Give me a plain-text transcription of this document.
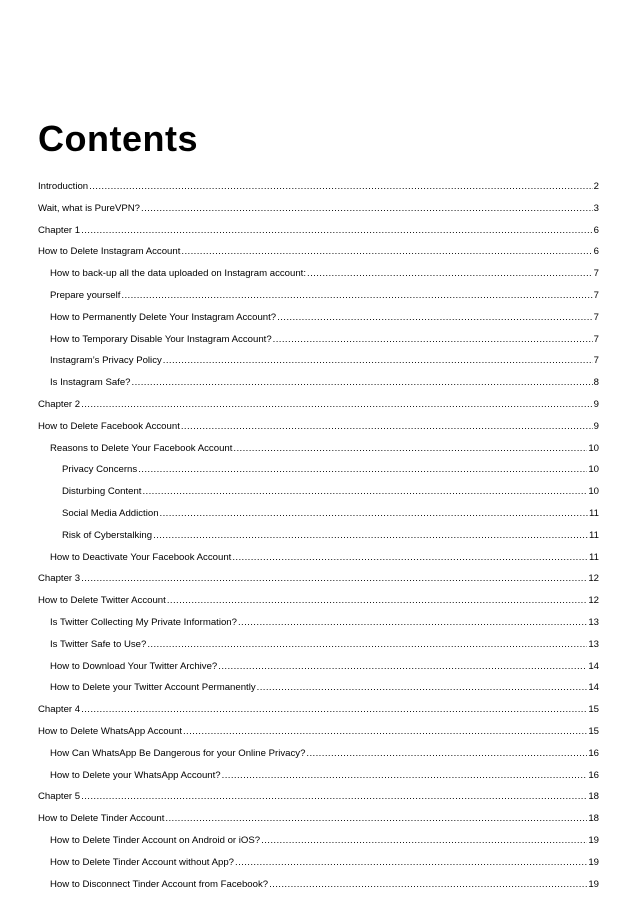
Contents
Introduction .....	2
Wait, what is PureVPN? .....	3
Chapter 1 .....	6
How to Delete Instagram Account .....	6
How to back-up all the data uploaded on Instagram account: .....	7
Prepare yourself .....	7
How to Permanently Delete Your Instagram Account? .....	7
How to Temporary Disable Your Instagram Account? .....	7
Instagram’s Privacy Policy .....	7
Is Instagram Safe? .....	8
Chapter 2 .....	9
How to Delete Facebook Account .....	9
Reasons to Delete Your Facebook Account .....	10
Privacy Concerns .....	10
Disturbing Content .....	10
Social Media Addiction .....	11
Risk of Cyberstalking .....	11
How to Deactivate Your Facebook Account .....	11
Chapter 3 .....	12
How to Delete Twitter Account .....	12
Is Twitter Collecting My Private Information? .....	13
Is Twitter Safe to Use? .....	13
How to Download Your Twitter Archive? .....	14
How to Delete your Twitter Account Permanently .....	14
Chapter 4 .....	15
How to Delete WhatsApp Account .....	15
How Can WhatsApp Be Dangerous for your Online Privacy? .....	16
How to Delete your WhatsApp Account? .....	16
Chapter 5 .....	18
How to Delete Tinder Account .....	18
How to Delete Tinder Account on Android or iOS? .....	19
How to Delete Tinder Account without App? .....	19
How to Disconnect Tinder Account from Facebook? .....	19
